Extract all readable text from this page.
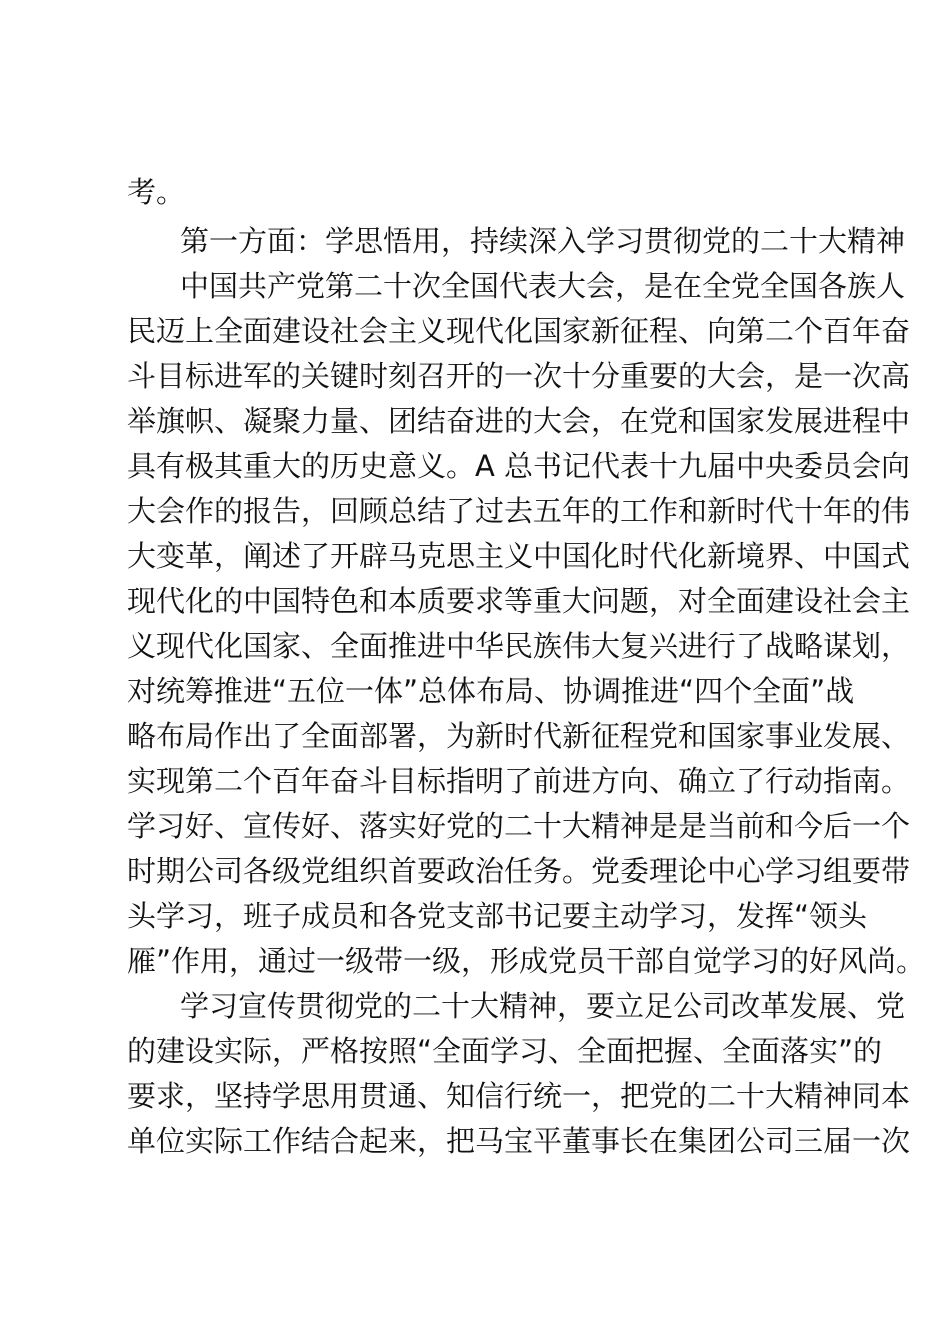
考。
第一方面：学思悟用，持续深入学习贯彻党的二十大精神
中国共产党第二十次全国代表大会，是在全党全国各族人
民迈上全面建设社会主义现代化国家新征程、向第二个百年奋
斗目标进军的关键时刻召开的一次十分重要的大会，是一次高
举旗帜、凝聚力量、团结奋进的大会，在党和国家发展进程中
具有极其重大的历史意义。A 总书记代表十九届中央委员会向
大会作的报告，回顾总结了过去五年的工作和新时代十年的伟
大变革，阐述了开辟马克思主义中国化时代化新境界、中国式
现代化的中国特色和本质要求等重大问题，对全面建设社会主
义现代化国家、全面推进中华民族伟大复兴进行了战略谋划，
对统筹推进“五位一体”总体布局、协调推进“四个全面”战
略布局作出了全面部署，为新时代新征程党和国家事业发展、
实现第二个百年奋斗目标指明了前进方向、确立了行动指南。
学习好、宣传好、落实好党的二十大精神是是当前和今后一个
时期公司各级党组织首要政治任务。党委理论中心学习组要带
头学习，班子成员和各党支部书记要主动学习，发挥“领头
雁”作用，通过一级带一级，形成党员干部自觉学习的好风尚。
学习宣传贯彻党的二十大精神，要立足公司改革发展、党
的建设实际，严格按照“全面学习、全面把握、全面落实”的
要求，坚持学思用贯通、知信行统一，把党的二十大精神同本
单位实际工作结合起来，把马宝平董事长在集团公司三届一次
